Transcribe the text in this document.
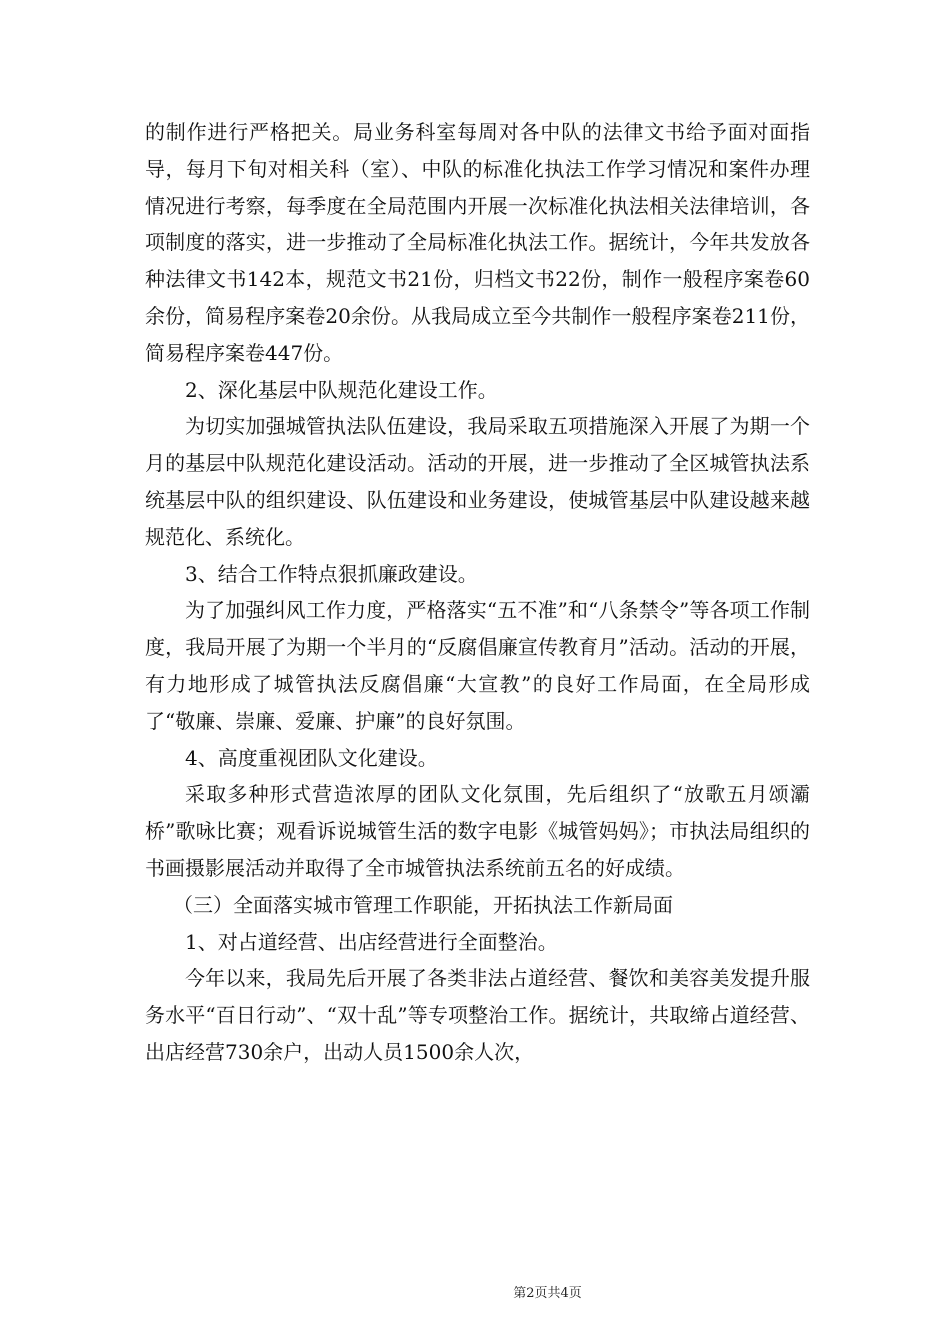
的制作进行严格把关。局业务科室每周对各中队的法律文书给予面对面指导，每月下旬对相关科（室）、中队的标准化执法工作学习情况和案件办理情况进行考察，每季度在全局范围内开展一次标准化执法相关法律培训，各项制度的落实，进一步推动了全局标准化执法工作。据统计，今年共发放各种法律文书142本，规范文书21份，归档文书22份，制作一般程序案卷60余份，简易程序案卷20余份。从我局成立至今共制作一般程序案卷211份，简易程序案卷447份。

2、深化基层中队规范化建设工作。

为切实加强城管执法队伍建设，我局采取五项措施深入开展了为期一个月的基层中队规范化建设活动。活动的开展，进一步推动了全区城管执法系统基层中队的组织建设、队伍建设和业务建设，使城管基层中队建设越来越规范化、系统化。

3、结合工作特点狠抓廉政建设。

为了加强纠风工作力度，严格落实“五不准”和“八条禁令”等各项工作制度，我局开展了为期一个半月的“反腐倡廉宣传教育月”活动。活动的开展，有力地形成了城管执法反腐倡廉“大宣教”的良好工作局面，在全局形成了“敬廉、崇廉、爱廉、护廉”的良好氛围。

4、高度重视团队文化建设。

采取多种形式营造浓厚的团队文化氛围，先后组织了“放歌五月颂灞桥”歌咏比赛；观看诉说城管生活的数字电影《城管妈妈》；市执法局组织的书画摄影展活动并取得了全市城管执法系统前五名的好成绩。

（三）全面落实城市管理工作职能，开拓执法工作新局面

1、对占道经营、出店经营进行全面整治。

今年以来，我局先后开展了各类非法占道经营、餐饮和美容美发提升服务水平“百日行动”、“双十乱”等专项整治工作。据统计，共取缔占道经营、出店经营730余户，出动人员1500余人次，

第2页共4页
